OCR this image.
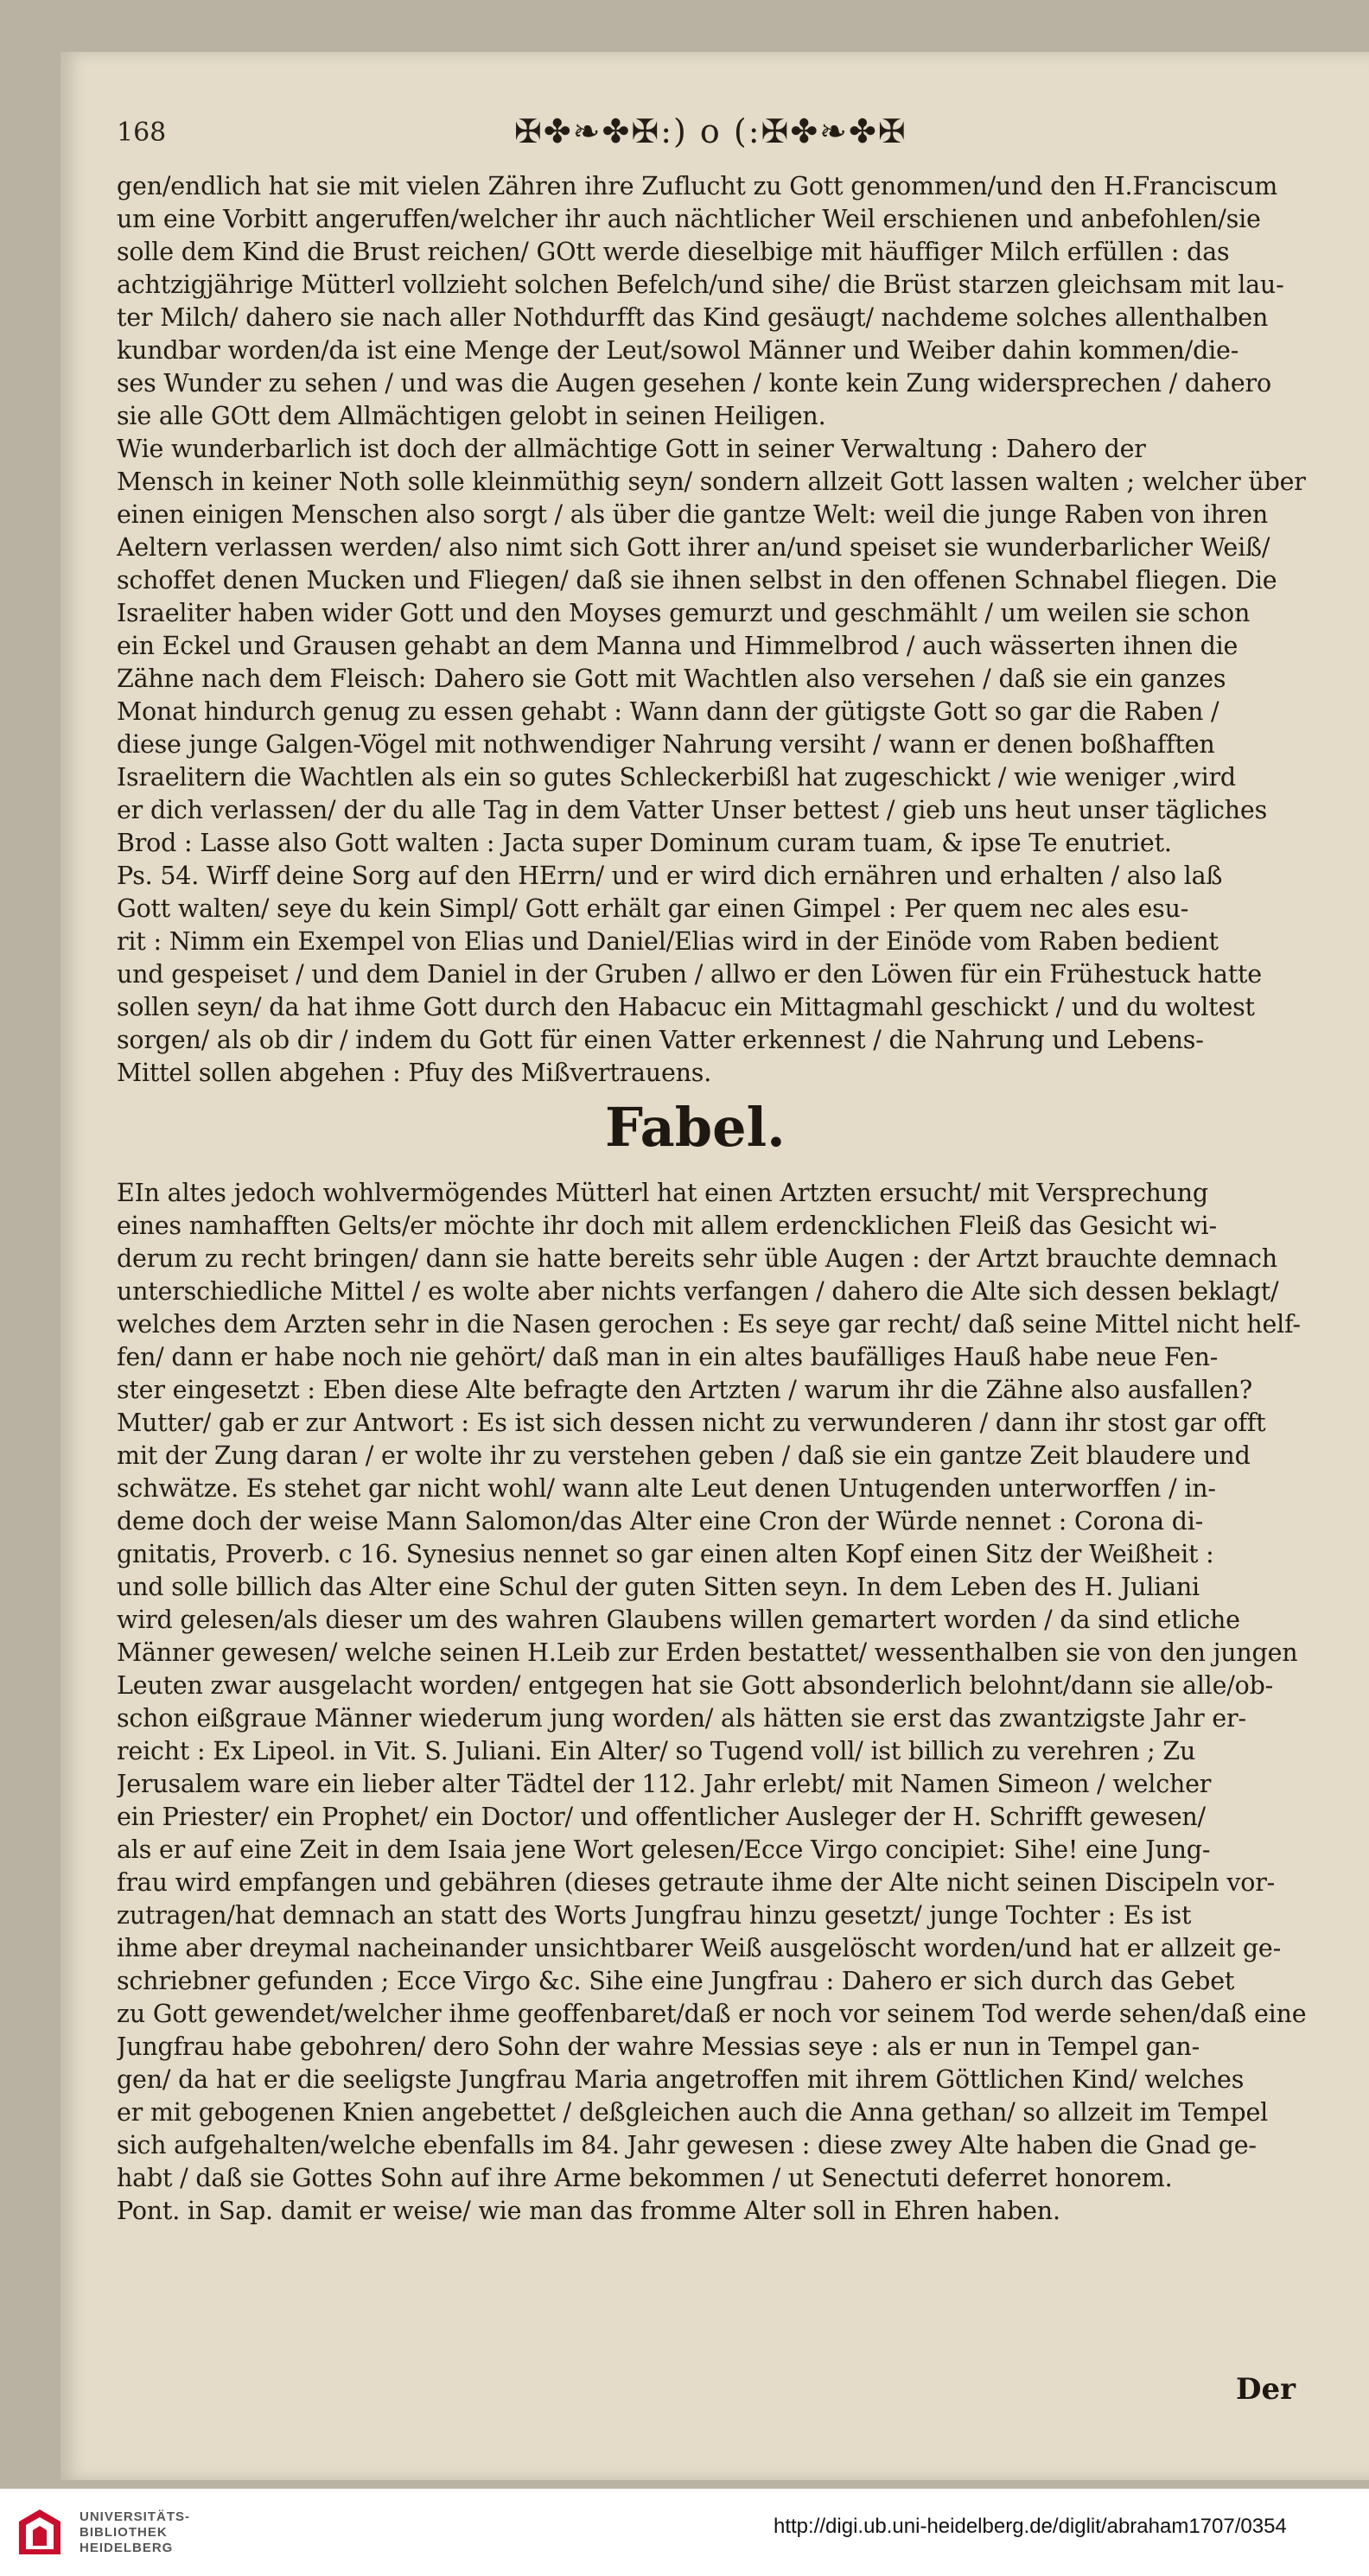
168	✠✤❧✤✠:) o (:✠✤❧✤✠
gen/endlich hat sie mit vielen Zähren ihre Zuflucht zu Gott genommen/und den H.Franciscum
um eine Vorbitt angeruffen/welcher ihr auch nächtlicher Weil erschienen und anbefohlen/sie
solle dem Kind die Brust reichen/ GOtt werde dieselbige mit häuffiger Milch erfüllen : das
achtzigjährige Mütterl vollzieht solchen Befelch/und sihe/ die Brüst starzen gleichsam mit lau-
ter Milch/ dahero sie nach aller Nothdurfft das Kind gesäugt/ nachdeme solches allenthalben
kundbar worden/da ist eine Menge der Leut/sowol Männer und Weiber dahin kommen/die-
ses Wunder zu sehen / und was die Augen gesehen / konte kein Zung widersprechen / dahero
sie alle GOtt dem Allmächtigen gelobt in seinen Heiligen.
Wie wunderbarlich ist doch der allmächtige Gott in seiner Verwaltung : Dahero der
Mensch in keiner Noth solle kleinmüthig seyn/ sondern allzeit Gott lassen walten ; welcher über
einen einigen Menschen also sorgt / als über die gantze Welt: weil die junge Raben von ihren
Aeltern verlassen werden/ also nimt sich Gott ihrer an/und speiset sie wunderbarlicher Weiß/
schoffet denen Mucken und Fliegen/ daß sie ihnen selbst in den offenen Schnabel fliegen. Die
Israeliter haben wider Gott und den Moyses gemurzt und geschmählt / um weilen sie schon
ein Eckel und Grausen gehabt an dem Manna und Himmelbrod / auch wässerten ihnen die
Zähne nach dem Fleisch: Dahero sie Gott mit Wachtlen also versehen / daß sie ein ganzes
Monat hindurch genug zu essen gehabt : Wann dann der gütigste Gott so gar die Raben /
diese junge Galgen-Vögel mit nothwendiger Nahrung versiht / wann er denen boßhafften
Israelitern die Wachtlen als ein so gutes Schleckerbißl hat zugeschickt / wie weniger ,wird
er dich verlassen/ der du alle Tag in dem Vatter Unser bettest / gieb uns heut unser tägliches
Brod : Lasse also Gott walten : Jacta super Dominum curam tuam, & ipse Te enutriet.
Ps. 54. Wirff deine Sorg auf den HErrn/ und er wird dich ernähren und erhalten / also laß
Gott walten/ seye du kein Simpl/ Gott erhält gar einen Gimpel : Per quem nec ales esu-
rit : Nimm ein Exempel von Elias und Daniel/Elias wird in der Einöde vom Raben bedient
und gespeiset / und dem Daniel in der Gruben / allwo er den Löwen für ein Frühestuck hatte
sollen seyn/ da hat ihme Gott durch den Habacuc ein Mittagmahl geschickt / und du woltest
sorgen/ als ob dir / indem du Gott für einen Vatter erkennest / die Nahrung und Lebens-
Mittel sollen abgehen : Pfuy des Mißvertrauens.
Fabel.
EIn altes jedoch wohlvermögendes Mütterl hat einen Artzten ersucht/ mit Versprechung
eines namhafften Gelts/er möchte ihr doch mit allem erdencklichen Fleiß das Gesicht wi-
derum zu recht bringen/ dann sie hatte bereits sehr üble Augen : der Artzt brauchte demnach
unterschiedliche Mittel / es wolte aber nichts verfangen / dahero die Alte sich dessen beklagt/
welches dem Arzten sehr in die Nasen gerochen : Es seye gar recht/ daß seine Mittel nicht helf-
fen/ dann er habe noch nie gehört/ daß man in ein altes baufälliges Hauß habe neue Fen-
ster eingesetzt : Eben diese Alte befragte den Artzten / warum ihr die Zähne also ausfallen?
Mutter/ gab er zur Antwort : Es ist sich dessen nicht zu verwunderen / dann ihr stost gar offt
mit der Zung daran / er wolte ihr zu verstehen geben / daß sie ein gantze Zeit blaudere und
schwätze. Es stehet gar nicht wohl/ wann alte Leut denen Untugenden unterworffen / in-
deme doch der weise Mann Salomon/das Alter eine Cron der Würde nennet : Corona di-
gnitatis, Proverb. c 16. Synesius nennet so gar einen alten Kopf einen Sitz der Weißheit :
und solle billich das Alter eine Schul der guten Sitten seyn. In dem Leben des H. Juliani
wird gelesen/als dieser um des wahren Glaubens willen gemartert worden / da sind etliche
Männer gewesen/ welche seinen H.Leib zur Erden bestattet/ wessenthalben sie von den jungen
Leuten zwar ausgelacht worden/ entgegen hat sie Gott absonderlich belohnt/dann sie alle/ob-
schon eißgraue Männer wiederum jung worden/ als hätten sie erst das zwantzigste Jahr er-
reicht : Ex Lipeol. in Vit. S. Juliani. Ein Alter/ so Tugend voll/ ist billich zu verehren ; Zu
Jerusalem ware ein lieber alter Tädtel der 112. Jahr erlebt/ mit Namen Simeon / welcher
ein Priester/ ein Prophet/ ein Doctor/ und offentlicher Ausleger der H. Schrifft gewesen/
als er auf eine Zeit in dem Isaia jene Wort gelesen/Ecce Virgo concipiet: Sihe! eine Jung-
frau wird empfangen und gebähren (dieses getraute ihme der Alte nicht seinen Discipeln vor-
zutragen/hat demnach an statt des Worts Jungfrau hinzu gesetzt/ junge Tochter : Es ist
ihme aber dreymal nacheinander unsichtbarer Weiß ausgelöscht worden/und hat er allzeit ge-
schriebner gefunden ; Ecce Virgo &c. Sihe eine Jungfrau : Dahero er sich durch das Gebet
zu Gott gewendet/welcher ihme geoffenbaret/daß er noch vor seinem Tod werde sehen/daß eine
Jungfrau habe gebohren/ dero Sohn der wahre Messias seye : als er nun in Tempel gan-
gen/ da hat er die seeligste Jungfrau Maria angetroffen mit ihrem Göttlichen Kind/ welches
er mit gebogenen Knien angebettet / deßgleichen auch die Anna gethan/ so allzeit im Tempel
sich aufgehalten/welche ebenfalls im 84. Jahr gewesen : diese zwey Alte haben die Gnad ge-
habt / daß sie Gottes Sohn auf ihre Arme bekommen / ut Senectuti deferret honorem.
Pont. in Sap. damit er weise/ wie man das fromme Alter soll in Ehren haben.
Der
UNIVERSITÄTS-
BIBLIOTHEK
HEIDELBERG
http://digi.ub.uni-heidelberg.de/diglit/abraham1707/0354
